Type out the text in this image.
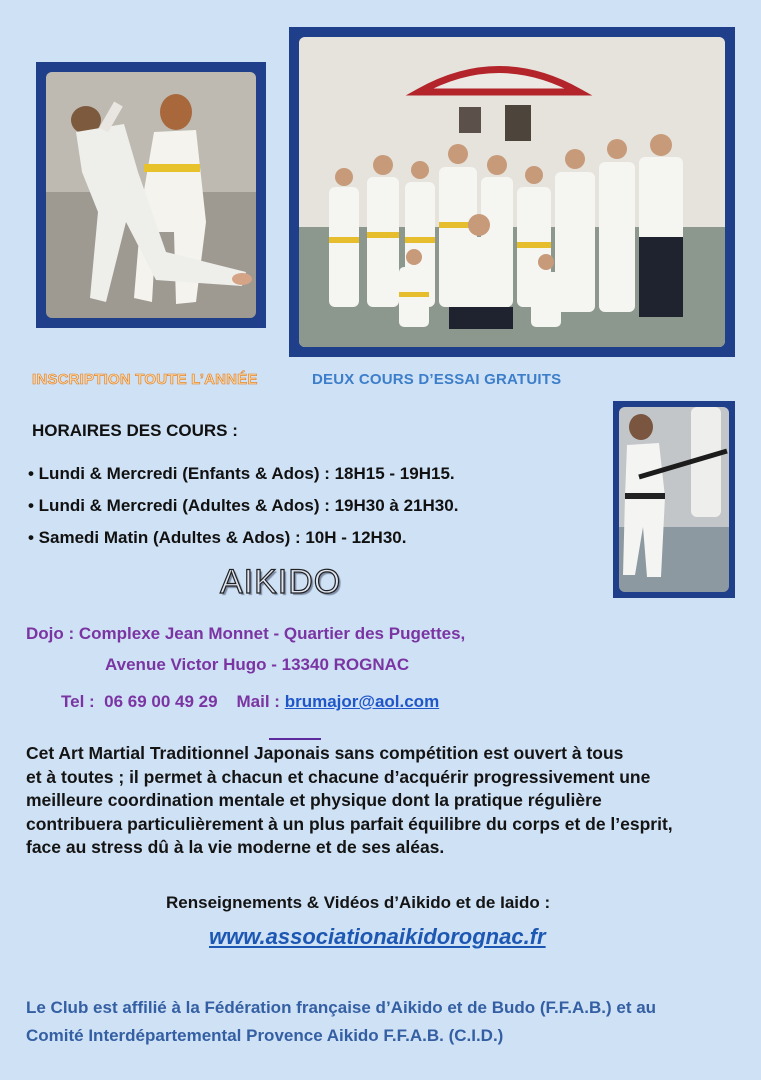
INSCRIPTION TOUTE L’ANNÉE	DEUX COURS D’ESSAI GRATUITS
HORAIRES DES COURS :
• Lundi & Mercredi (Enfants & Ados) : 18H15 - 19H15.
• Lundi & Mercredi (Adultes & Ados) : 19H30 à 21H30.
• Samedi Matin (Adultes & Ados) : 10H - 12H30.
AIKIDO
Dojo : Complexe Jean Monnet - Quartier des Pugettes,
Avenue Victor Hugo - 13340 ROGNAC
Tel : 06 69 00 49 29 Mail : brumajor@aol.com
Cet Art Martial Traditionnel Japonais sans compétition est ouvert à tous
et à toutes ; il permet à chacun et chacune d’acquérir progressivement une
meilleure coordination mentale et physique dont la pratique régulière
contribuera particulièrement à un plus parfait équilibre du corps et de l’esprit,
face au stress dû à la vie moderne et de ses aléas.
Renseignements & Vidéos d’Aikido et de Iaido :
www.associationaikidorognac.fr
Le Club est affilié à la Fédération française d’Aikido et de Budo (F.F.A.B.) et au
Comité Interdépartemental Provence Aikido F.F.A.B. (C.I.D.)
